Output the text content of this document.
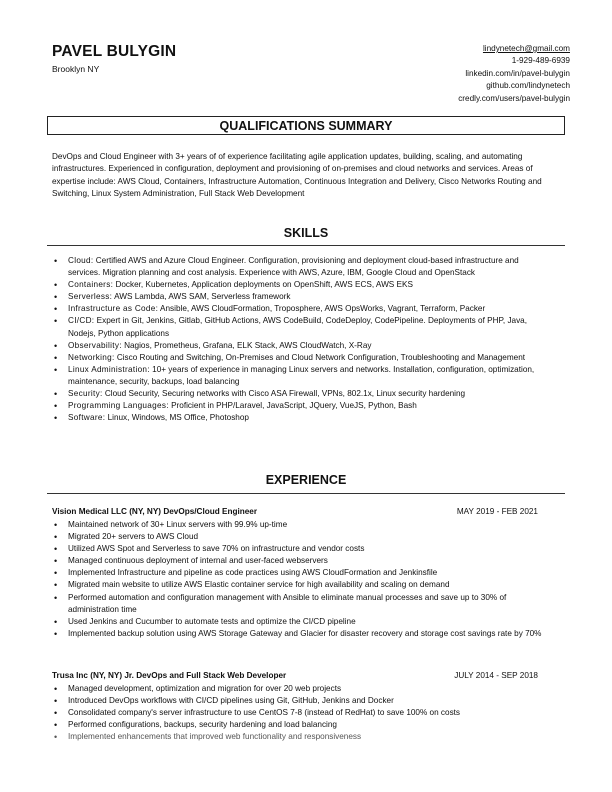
PAVEL BULYGIN
Brooklyn NY
lindynetech@gmail.com
1-929-489-6939
linkedin.com/in/pavel-bulygin
github.com/lindynetech
credly.com/users/pavel-bulygin
QUALIFICATIONS SUMMARY
DevOps and Cloud Engineer with 3+ years of of experience facilitating agile application updates, building, scaling, and automating infrastructures. Experienced in configuration, deployment and provisioning of on-premises and cloud networks and services. Areas of expertise include: AWS Cloud, Containers, Infrastructure Automation, Continuous Integration and Delivery, Cisco Networks Routing and Switching, Linux System Administration, Full Stack Web Development
SKILLS
• Cloud: Certified AWS and Azure Cloud Engineer. Configuration, provisioning and deployment cloud-based infrastructure and services. Migration planning and cost analysis. Experience with AWS, Azure, IBM, Google Cloud and OpenStack
• Containers: Docker, Kubernetes, Application deployments on OpenShift, AWS ECS, AWS EKS
• Serverless: AWS Lambda, AWS SAM, Serverless framework
• Infrastructure as Code: Ansible, AWS CloudFormation, Troposphere, AWS OpsWorks, Vagrant, Terraform, Packer
• CI/CD: Expert in Git, Jenkins, Gitlab, GitHub Actions, AWS CodeBuild, CodeDeploy, CodePipeline. Deployments of PHP, Java, Nodejs, Python applications
• Observability: Nagios, Prometheus, Grafana, ELK Stack, AWS CloudWatch, X-Ray
• Networking: Cisco Routing and Switching, On-Premises and Cloud Network Configuration, Troubleshooting and Management
• Linux Administration: 10+ years of experience in managing Linux servers and networks. Installation, configuration, optimization, maintenance, security, backups, load balancing
• Security: Cloud Security, Securing networks with Cisco ASA Firewall, VPNs, 802.1x, Linux security hardening
• Programming Languages: Proficient in PHP/Laravel, JavaScript, JQuery, VueJS, Python, Bash
• Software: Linux, Windows, MS Office, Photoshop
EXPERIENCE
Vision Medical LLC (NY, NY) DevOps/Cloud Engineer	MAY 2019 - FEB 2021
• Maintained network of 30+ Linux servers with 99.9% up-time
• Migrated 20+ servers to AWS Cloud
• Utilized AWS Spot and Serverless to save 70% on infrastructure and vendor costs
• Managed continuous deployment of internal and user-faced webservers
• Implemented Infrastructure and pipeline as code practices using AWS CloudFormation and Jenkinsfile
• Migrated main website to utilize AWS Elastic container service for high availability and scaling on demand
• Performed automation and configuration management with Ansible to eliminate manual processes and save up to 30% of administration time
• Used Jenkins and Cucumber to automate tests and optimize the CI/CD pipeline
• Implemented backup solution using AWS Storage Gateway and Glacier for disaster recovery and storage cost savings rate by 70%
Trusa Inc (NY, NY) Jr. DevOps and Full Stack Web Developer	JULY 2014 - SEP 2018
• Managed development, optimization and migration for over 20 web projects
• Introduced DevOps workflows with CI/CD pipelines using Git, GitHub, Jenkins and Docker
• Consolidated company's server infrastructure to use CentOS 7-8 (instead of RedHat) to save 100% on costs
• Performed configurations, backups, security hardening and load balancing
• Implemented enhancements that improved web functionality and responsiveness
